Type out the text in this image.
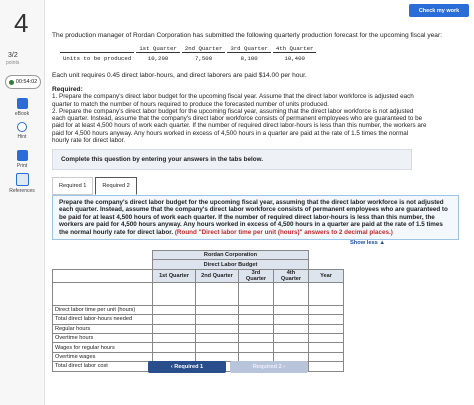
4
3/2
points
00:54:02
eBook
Hint
Print
References
Check my work
The production manager of Rordan Corporation has submitted the following quarterly production forecast for the upcoming fiscal year:
	1st Quarter	2nd Quarter	3rd Quarter	4th Quarter
Units to be produced	10,200	7,500	8,100	10,400
Each unit requires 0.45 direct labor-hours, and direct laborers are paid $14.00 per hour.
Required:
1. Prepare the company's direct labor budget for the upcoming fiscal year. Assume that the direct labor workforce is adjusted each quarter to match the number of hours required to produce the forecasted number of units produced.
2. Prepare the company's direct labor budget for the upcoming fiscal year, assuming that the direct labor workforce is not adjusted each quarter. Instead, assume that the company's direct labor workforce consists of permanent employees who are guaranteed to be paid for at least 4,500 hours of work each quarter. If the number of required direct labor-hours is less than this number, the workers are paid for 4,500 hours anyway. Any hours worked in excess of 4,500 hours in a quarter are paid at the rate of 1.5 times the normal hourly rate for direct labor.
Complete this question by entering your answers in the tabs below.
Required 1	Required 2
Prepare the company's direct labor budget for the upcoming fiscal year, assuming that the direct labor workforce is not adjusted each quarter. Instead, assume that the company's direct labor workforce consists of permanent employees who are guaranteed to be paid for at least 4,500 hours of work each quarter. If the number of required direct labor-hours is less than this number, the workers are paid for 4,500 hours anyway. Any hours worked in excess of 4,500 hours in a quarter are paid at the rate of 1.5 times the normal hourly rate for direct labor. (Round "Direct labor time per unit (hours)" answers to 2 decimal places.)
Show less ▲
	Rordan Corporation				
	Direct Labor Budget				
	1st Quarter	2nd Quarter	3rd Quarter	4th Quarter	Year

Direct labor time per unit (hours)					
Total direct labor-hours needed					
Regular hours					
Overtime hours					
Wages for regular hours					
Overtime wages					
Total direct labor cost						‹ Required 1	Required 2 ›
